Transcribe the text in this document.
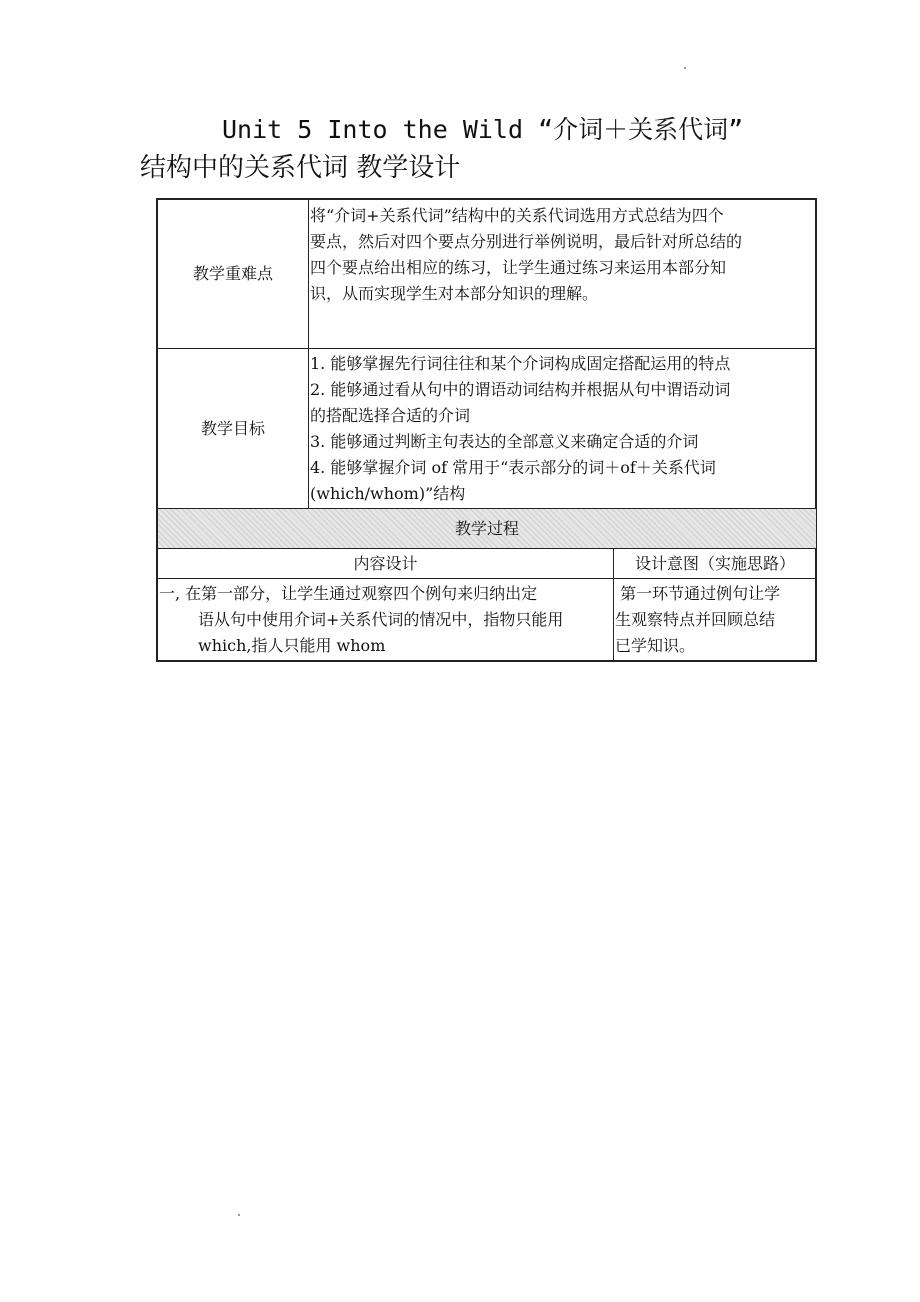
Unit 5 Into the Wild “介词＋关系代词”
结构中的关系代词 教学设计
教学重难点
将“介词+关系代词”结构中的关系代词选用方式总结为四个
要点，然后对四个要点分别进行举例说明，最后针对所总结的
四个要点给出相应的练习，让学生通过练习来运用本部分知
识，从而实现学生对本部分知识的理解。
教学目标
1. 能够掌握先行词往往和某个介词构成固定搭配运用的特点
2. 能够通过看从句中的谓语动词结构并根据从句中谓语动词
的搭配选择合适的介词
3. 能够通过判断主句表达的全部意义来确定合适的介词
4. 能够掌握介词 of 常用于“表示部分的词＋of＋关系代词
(which/whom)”结构
教学过程
内容设计	设计意图（实施思路）
一, 在第一部分，让学生通过观察四个例句来归纳出定
语从句中使用介词+关系代词的情况中，指物只能用
which,指人只能用 whom
第一环节通过例句让学
生观察特点并回顾总结
已学知识。
